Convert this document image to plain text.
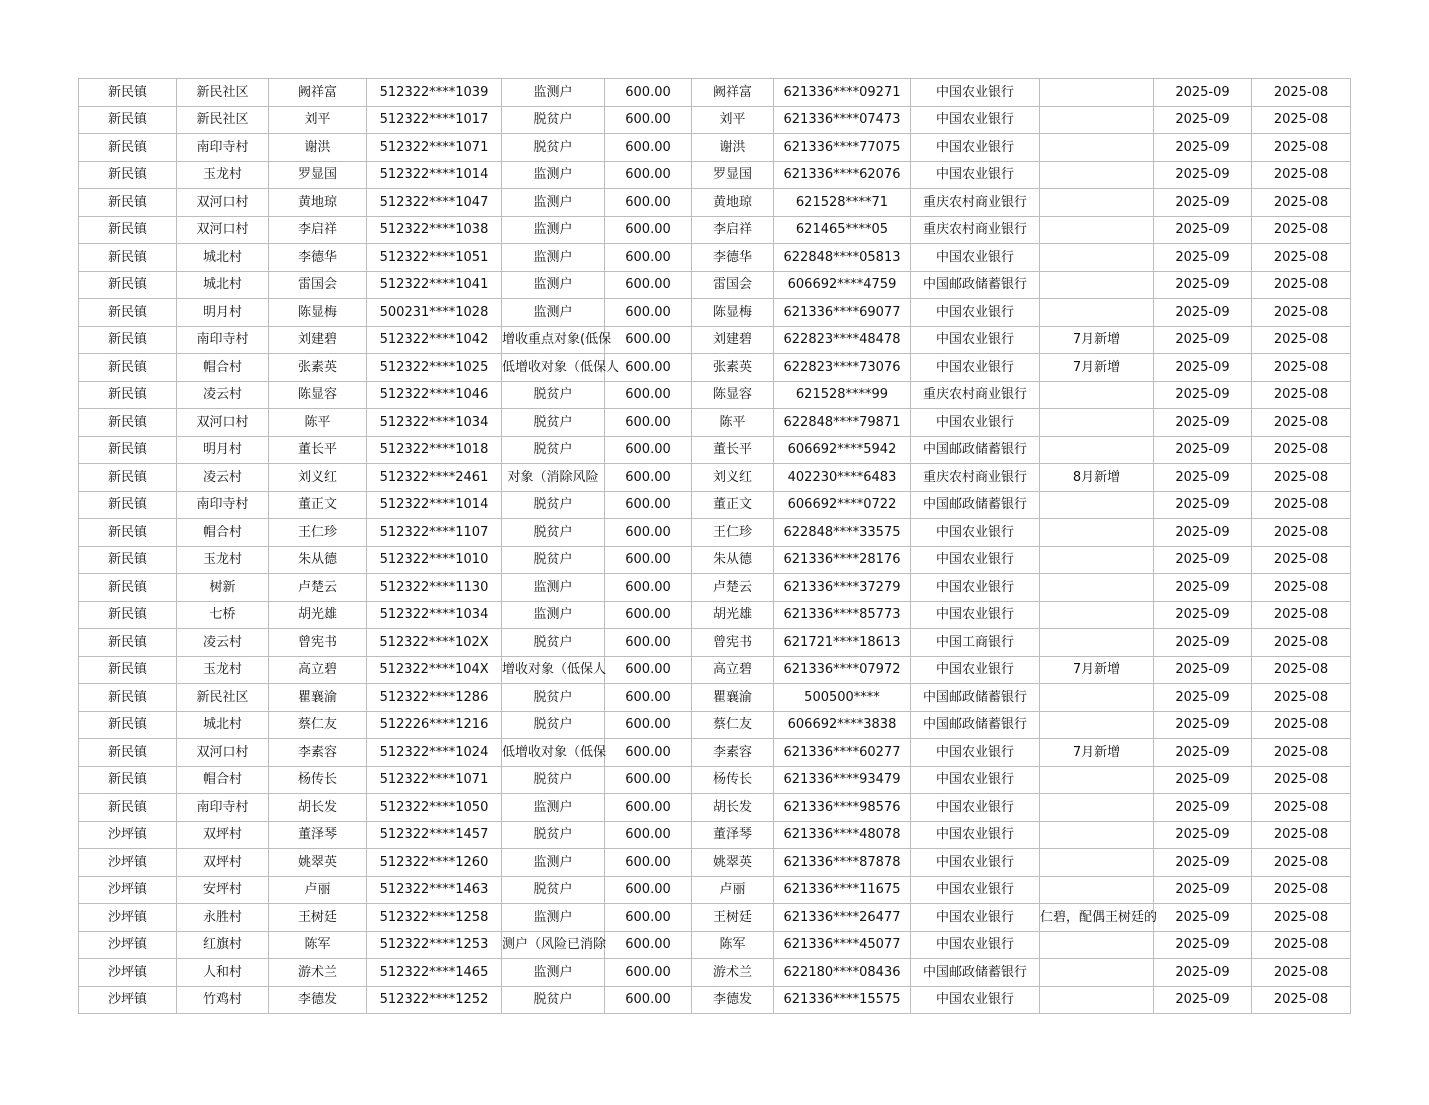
新民镇	新民社区	阙祥富	512322****1039	监测户	600.00	阙祥富	621336****09271	中国农业银行		2025-09	2025-08
新民镇	新民社区	刘平	512322****1017	脱贫户	600.00	刘平	621336****07473	中国农业银行		2025-09	2025-08
新民镇	南印寺村	谢洪	512322****1071	脱贫户	600.00	谢洪	621336****77075	中国农业银行		2025-09	2025-08
新民镇	玉龙村	罗显国	512322****1014	监测户	600.00	罗显国	621336****62076	中国农业银行		2025-09	2025-08
新民镇	双河口村	黄地琼	512322****1047	监测户	600.00	黄地琼	621528****71	重庆农村商业银行		2025-09	2025-08
新民镇	双河口村	李启祥	512322****1038	监测户	600.00	李启祥	621465****05	重庆农村商业银行		2025-09	2025-08
新民镇	城北村	李德华	512322****1051	监测户	600.00	李德华	622848****05813	中国农业银行		2025-09	2025-08
新民镇	城北村	雷国会	512322****1041	监测户	600.00	雷国会	606692****4759	中国邮政储蓄银行		2025-09	2025-08
新民镇	明月村	陈显梅	500231****1028	监测户	600.00	陈显梅	621336****69077	中国农业银行		2025-09	2025-08
新民镇	南印寺村	刘建碧	512322****1042	增收重点对象(低保	600.00	刘建碧	622823****48478	中国农业银行	7月新增	2025-09	2025-08
新民镇	帽合村	张素英	512322****1025	低增收对象（低保人	600.00	张素英	622823****73076	中国农业银行	7月新增	2025-09	2025-08
新民镇	凌云村	陈显容	512322****1046	脱贫户	600.00	陈显容	621528****99	重庆农村商业银行		2025-09	2025-08
新民镇	双河口村	陈平	512322****1034	脱贫户	600.00	陈平	622848****79871	中国农业银行		2025-09	2025-08
新民镇	明月村	董长平	512322****1018	脱贫户	600.00	董长平	606692****5942	中国邮政储蓄银行		2025-09	2025-08
新民镇	凌云村	刘义红	512322****2461	对象（消除风险	600.00	刘义红	402230****6483	重庆农村商业银行	8月新增	2025-09	2025-08
新民镇	南印寺村	董正文	512322****1014	脱贫户	600.00	董正文	606692****0722	中国邮政储蓄银行		2025-09	2025-08
新民镇	帽合村	王仁珍	512322****1107	脱贫户	600.00	王仁珍	622848****33575	中国农业银行		2025-09	2025-08
新民镇	玉龙村	朱从德	512322****1010	脱贫户	600.00	朱从德	621336****28176	中国农业银行		2025-09	2025-08
新民镇	树新	卢楚云	512322****1130	监测户	600.00	卢楚云	621336****37279	中国农业银行		2025-09	2025-08
新民镇	七桥	胡光雄	512322****1034	监测户	600.00	胡光雄	621336****85773	中国农业银行		2025-09	2025-08
新民镇	凌云村	曾宪书	512322****102X	脱贫户	600.00	曾宪书	621721****18613	中国工商银行		2025-09	2025-08
新民镇	玉龙村	高立碧	512322****104X	增收对象（低保人	600.00	高立碧	621336****07972	中国农业银行	7月新增	2025-09	2025-08
新民镇	新民社区	瞿襄渝	512322****1286	脱贫户	600.00	瞿襄渝	500500****	中国邮政储蓄银行		2025-09	2025-08
新民镇	城北村	蔡仁友	512226****1216	脱贫户	600.00	蔡仁友	606692****3838	中国邮政储蓄银行		2025-09	2025-08
新民镇	双河口村	李素容	512322****1024	低增收对象（低保	600.00	李素容	621336****60277	中国农业银行	7月新增	2025-09	2025-08
新民镇	帽合村	杨传长	512322****1071	脱贫户	600.00	杨传长	621336****93479	中国农业银行		2025-09	2025-08
新民镇	南印寺村	胡长发	512322****1050	监测户	600.00	胡长发	621336****98576	中国农业银行		2025-09	2025-08
沙坪镇	双坪村	董泽琴	512322****1457	脱贫户	600.00	董泽琴	621336****48078	中国农业银行		2025-09	2025-08
沙坪镇	双坪村	姚翠英	512322****1260	监测户	600.00	姚翠英	621336****87878	中国农业银行		2025-09	2025-08
沙坪镇	安坪村	卢丽	512322****1463	脱贫户	600.00	卢丽	621336****11675	中国农业银行		2025-09	2025-08
沙坪镇	永胜村	王树廷	512322****1258	监测户	600.00	王树廷	621336****26477	中国农业银行	仁碧，配偶王树廷的	2025-09	2025-08
沙坪镇	红旗村	陈军	512322****1253	测户（风险已消除	600.00	陈军	621336****45077	中国农业银行		2025-09	2025-08
沙坪镇	人和村	游术兰	512322****1465	监测户	600.00	游术兰	622180****08436	中国邮政储蓄银行		2025-09	2025-08
沙坪镇	竹鸡村	李德发	512322****1252	脱贫户	600.00	李德发	621336****15575	中国农业银行		2025-09	2025-08
